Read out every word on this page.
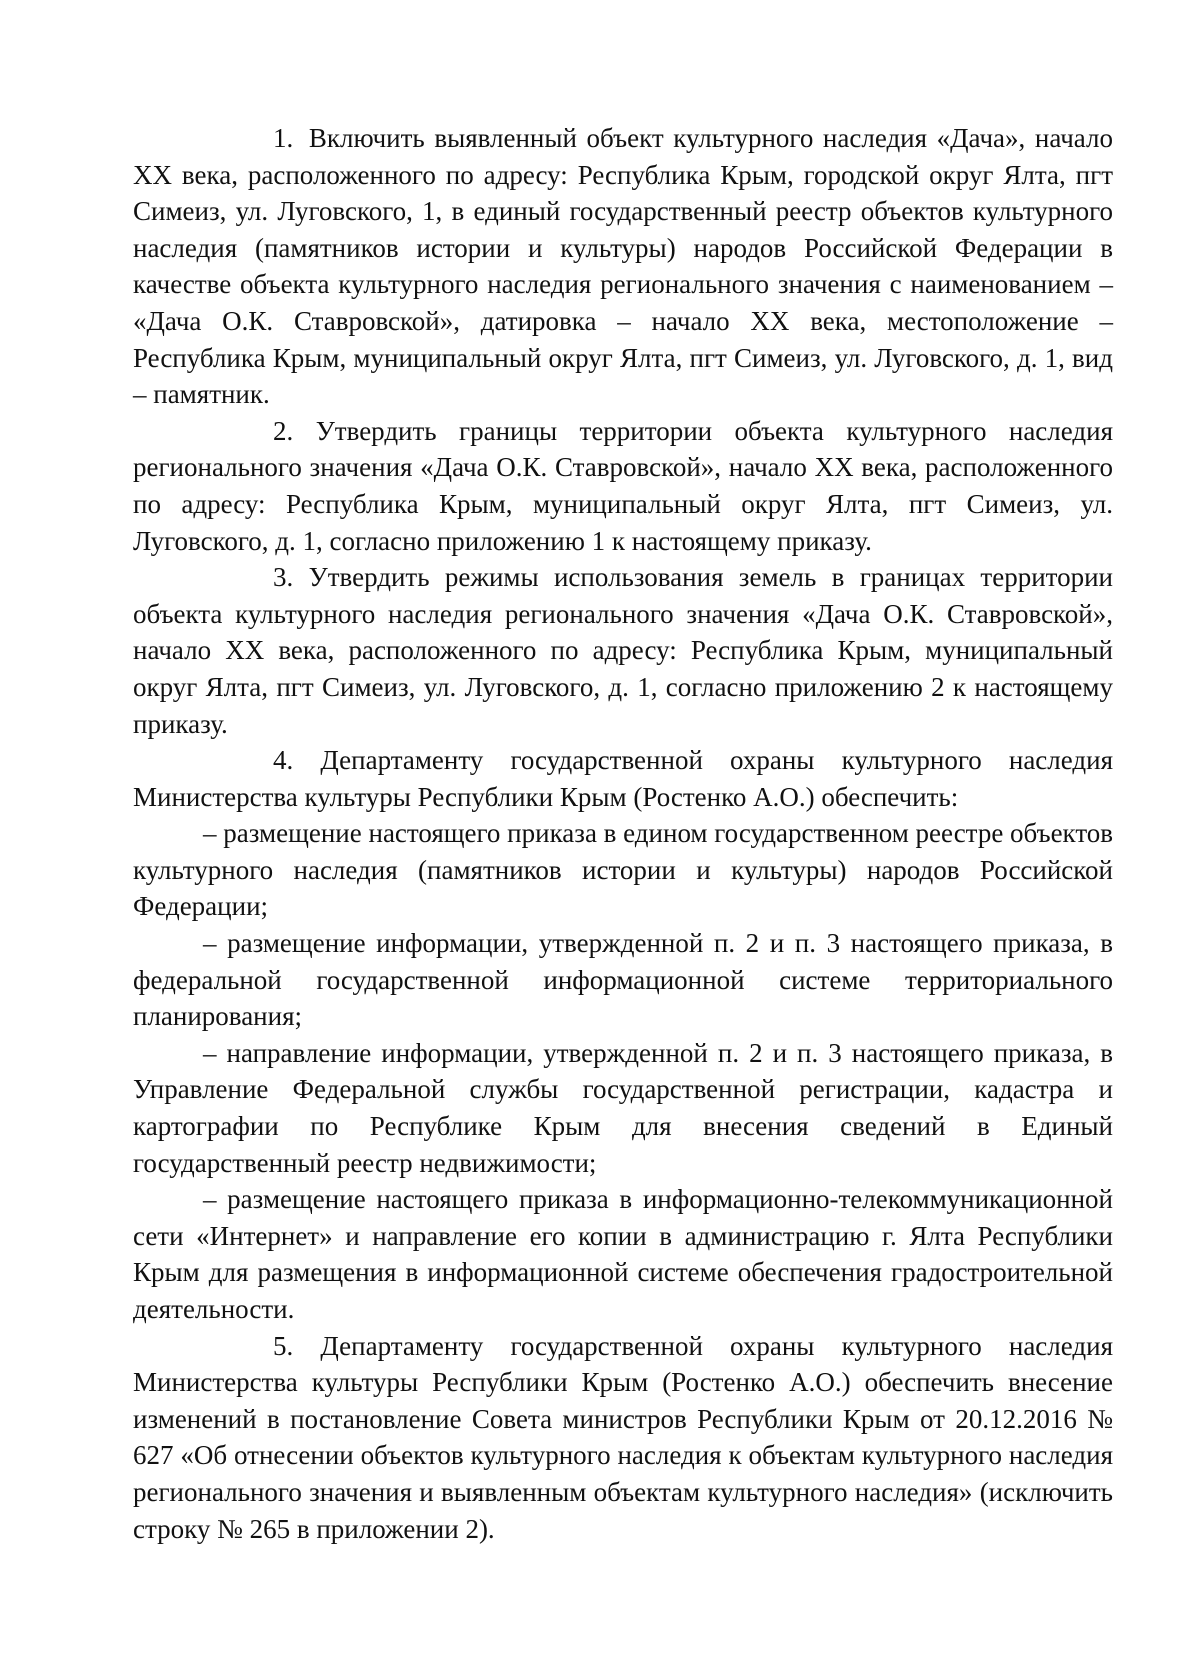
1. Включить выявленный объект культурного наследия «Дача», начало XX века, расположенного по адресу: Республика Крым, городской округ Ялта, пгт Симеиз, ул. Луговского, 1, в единый государственный реестр объектов культурного наследия (памятников истории и культуры) народов Российской Федерации в качестве объекта культурного наследия регионального значения с наименованием – «Дача О.К. Ставровской», датировка – начало XX века, местоположение – Республика Крым, муниципальный округ Ялта, пгт Симеиз, ул. Луговского, д. 1, вид – памятник.

2. Утвердить границы территории объекта культурного наследия регионального значения «Дача О.К. Ставровской», начало XX века, расположенного по адресу: Республика Крым, муниципальный округ Ялта, пгт Симеиз, ул. Луговского, д. 1, согласно приложению 1 к настоящему приказу.

3. Утвердить режимы использования земель в границах территории объекта культурного наследия регионального значения «Дача О.К. Ставровской», начало XX века, расположенного по адресу: Республика Крым, муниципальный округ Ялта, пгт Симеиз, ул. Луговского, д. 1, согласно приложению 2 к настоящему приказу.

4. Департаменту государственной охраны культурного наследия Министерства культуры Республики Крым (Ростенко А.О.) обеспечить:

– размещение настоящего приказа в едином государственном реестре объектов культурного наследия (памятников истории и культуры) народов Российской Федерации;

– размещение информации, утвержденной п. 2 и п. 3 настоящего приказа, в федеральной государственной информационной системе территориального планирования;

– направление информации, утвержденной п. 2 и п. 3 настоящего приказа, в Управление Федеральной службы государственной регистрации, кадастра и картографии по Республике Крым для внесения сведений в Единый государственный реестр недвижимости;

– размещение настоящего приказа в информационно-телекоммуникационной сети «Интернет» и направление его копии в администрацию г. Ялта Республики Крым для размещения в информационной системе обеспечения градостроительной деятельности.

5. Департаменту государственной охраны культурного наследия Министерства культуры Республики Крым (Ростенко А.О.) обеспечить внесение изменений в постановление Совета министров Республики Крым от 20.12.2016 № 627 «Об отнесении объектов культурного наследия к объектам культурного наследия регионального значения и выявленным объектам культурного наследия» (исключить строку № 265 в приложении 2).
